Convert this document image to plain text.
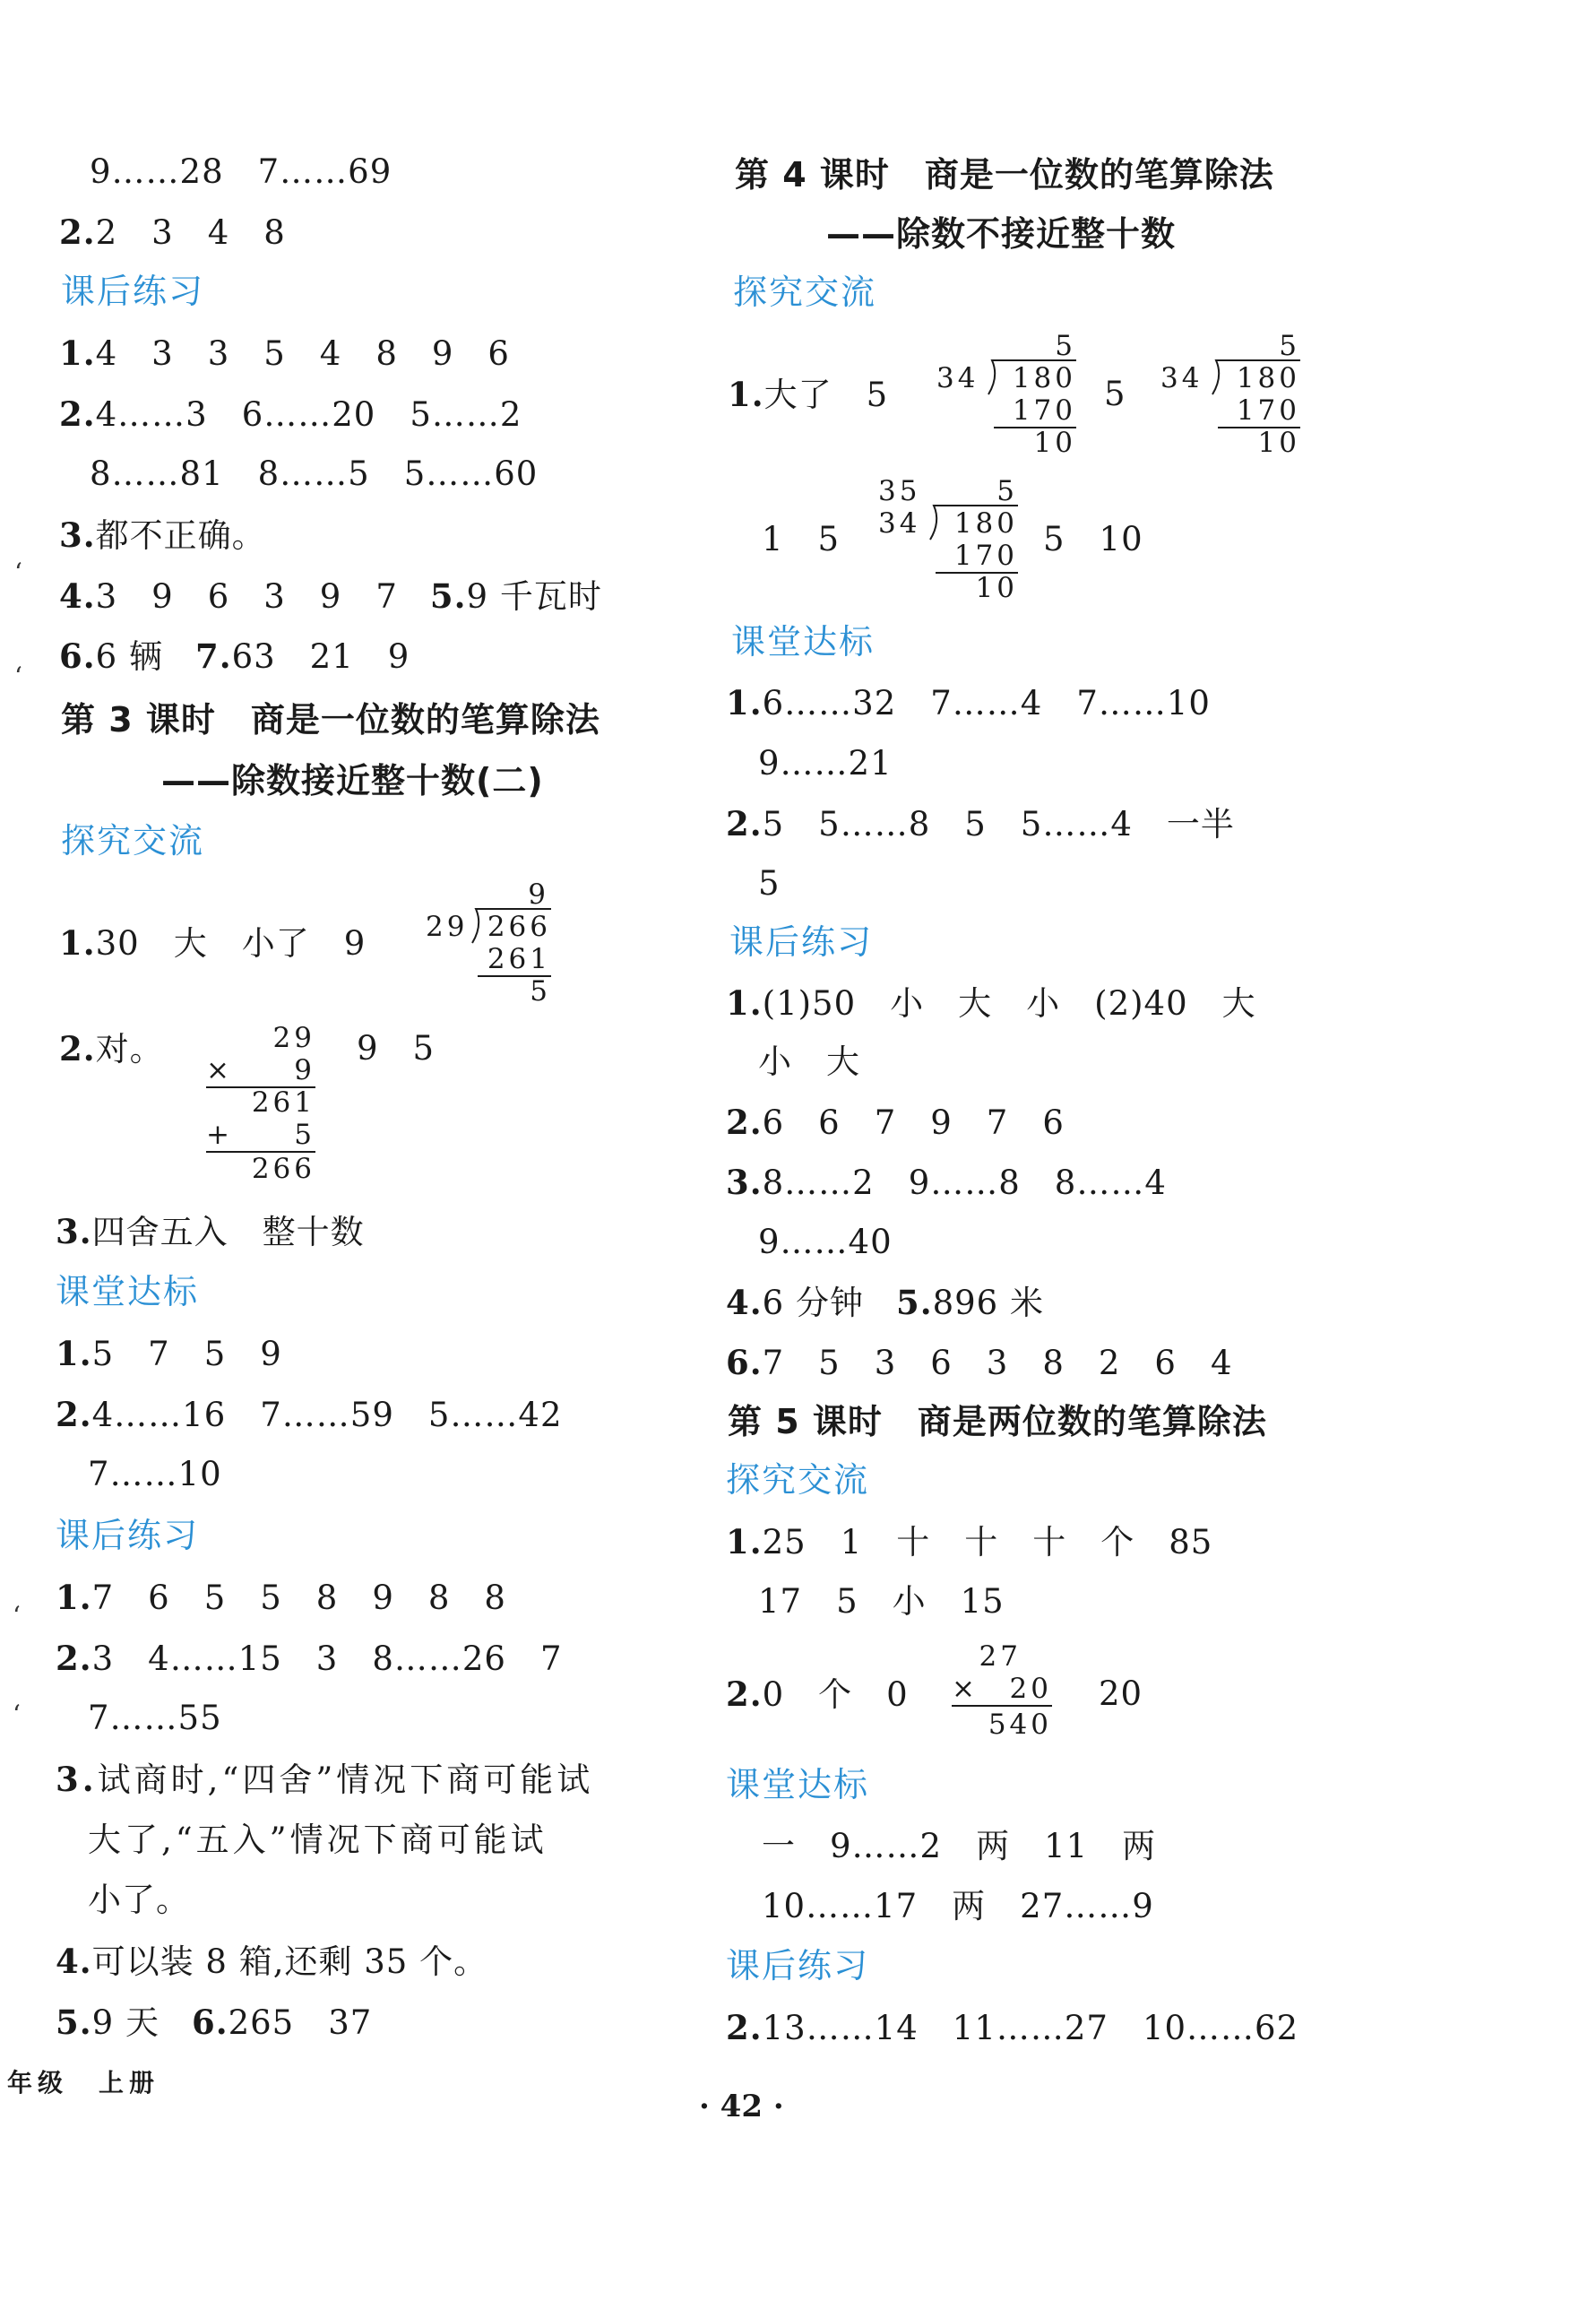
9……28　7……69
2.2　3　4　8
课后练习
1.4　3　3　5　4　8　9　6
2.4……3　6……20　5……2
8……81　8……5　5……60
3.都不正确。
4.3　9　6　3　9　7 5.9 千瓦时
6.6 辆 7.63　21　9
第 3 课时　商是一位数的笔算除法
——除数接近整十数(二)
探究交流
1.30　大　小了　9
9
29 266
261
5
2.对。	29
× 9
261
+ 5
266
9　5
3.四舍五入　整十数
课堂达标
1.5　7　5　9
2.4……16　7……59　5……42
7……10
课后练习
1.7　6　5　5　8　9　8　8
2.3　4……15　3　8……26　7
7……55
3.试商时,“四舍”情况下商可能试
大了,“五入”情况下商可能试
小了。
4.可以装 8 箱,还剩 35 个。
5.9 天 6.265　37
‘
‘
‘
‘
第 4 课时　商是一位数的笔算除法
——除数不接近整十数
探究交流
1.大了　5
5
34	180
170
10
5
5
34	180
170
10
1　5
35	5
34	180
170
10
5　10
课堂达标
1.6……32　7……4　7……10
9……21
2.5　5……8　5　5……4　一半
5
课后练习
1.(1)50　小　大　小　(2)40　大
小　大
2.6　6　7　9　7　6
3.8……2　9……8　8……4
9……40
4.6 分钟 5.896 米
6.7　5　3　6　3　8　2　6　4
第 5 课时　商是两位数的笔算除法
探究交流
1.25　1　十　十　十　个　85
17　5　小　15
2.0　个　0
27
× 20
540
20
课堂达标
一　9……2　两　11　两
10……17　两　27……9
课后练习
2.13……14　11……27　10……62
年级　上册
· 42 ·
